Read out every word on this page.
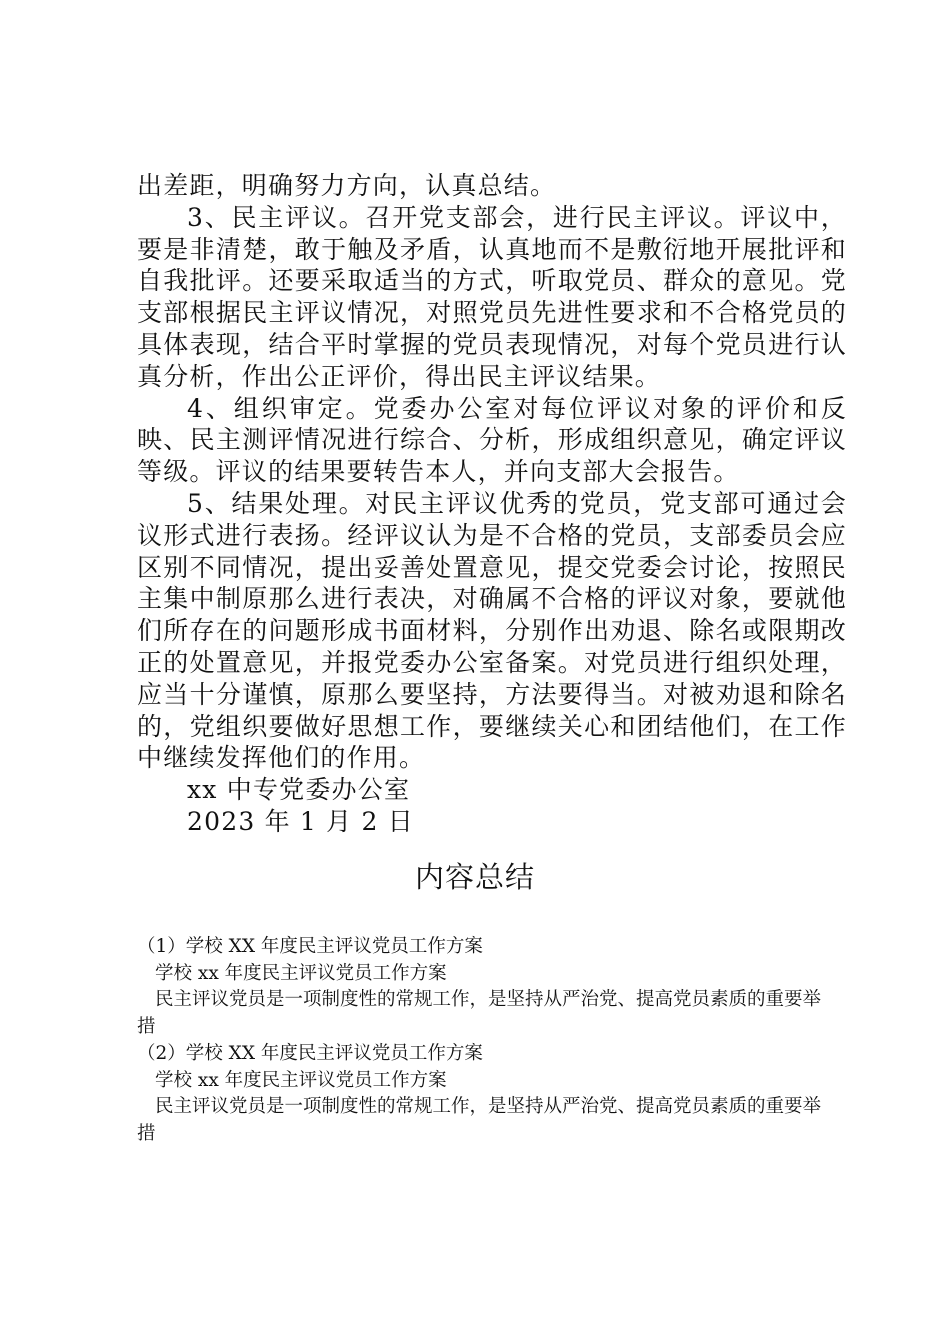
出差距，明确努力方向，认真总结。

3、民主评议。召开党支部会，进行民主评议。评议中，要是非清楚，敢于触及矛盾，认真地而不是敷衍地开展批评和自我批评。还要采取适当的方式，听取党员、群众的意见。党支部根据民主评议情况，对照党员先进性要求和不合格党员的具体表现，结合平时掌握的党员表现情况，对每个党员进行认真分析，作出公正评价，得出民主评议结果。

4、组织审定。党委办公室对每位评议对象的评价和反映、民主测评情况进行综合、分析，形成组织意见，确定评议等级。评议的结果要转告本人，并向支部大会报告。

5、结果处理。对民主评议优秀的党员，党支部可通过会议形式进行表扬。经评议认为是不合格的党员，支部委员会应区别不同情况，提出妥善处置意见，提交党委会讨论，按照民主集中制原那么进行表决，对确属不合格的评议对象，要就他们所存在的问题形成书面材料，分别作出劝退、除名或限期改正的处置意见，并报党委办公室备案。对党员进行组织处理，应当十分谨慎，原那么要坚持，方法要得当。对被劝退和除名的，党组织要做好思想工作，要继续关心和团结他们，在工作中继续发挥他们的作用。

xx 中专党委办公室

2023 年 1 月 2 日

内容总结

（1）学校 XX 年度民主评议党员工作方案

学校 xx 年度民主评议党员工作方案

民主评议党员是一项制度性的常规工作，是坚持从严治党、提高党员素质的重要举措

（2）学校 XX 年度民主评议党员工作方案

学校 xx 年度民主评议党员工作方案

民主评议党员是一项制度性的常规工作，是坚持从严治党、提高党员素质的重要举措
